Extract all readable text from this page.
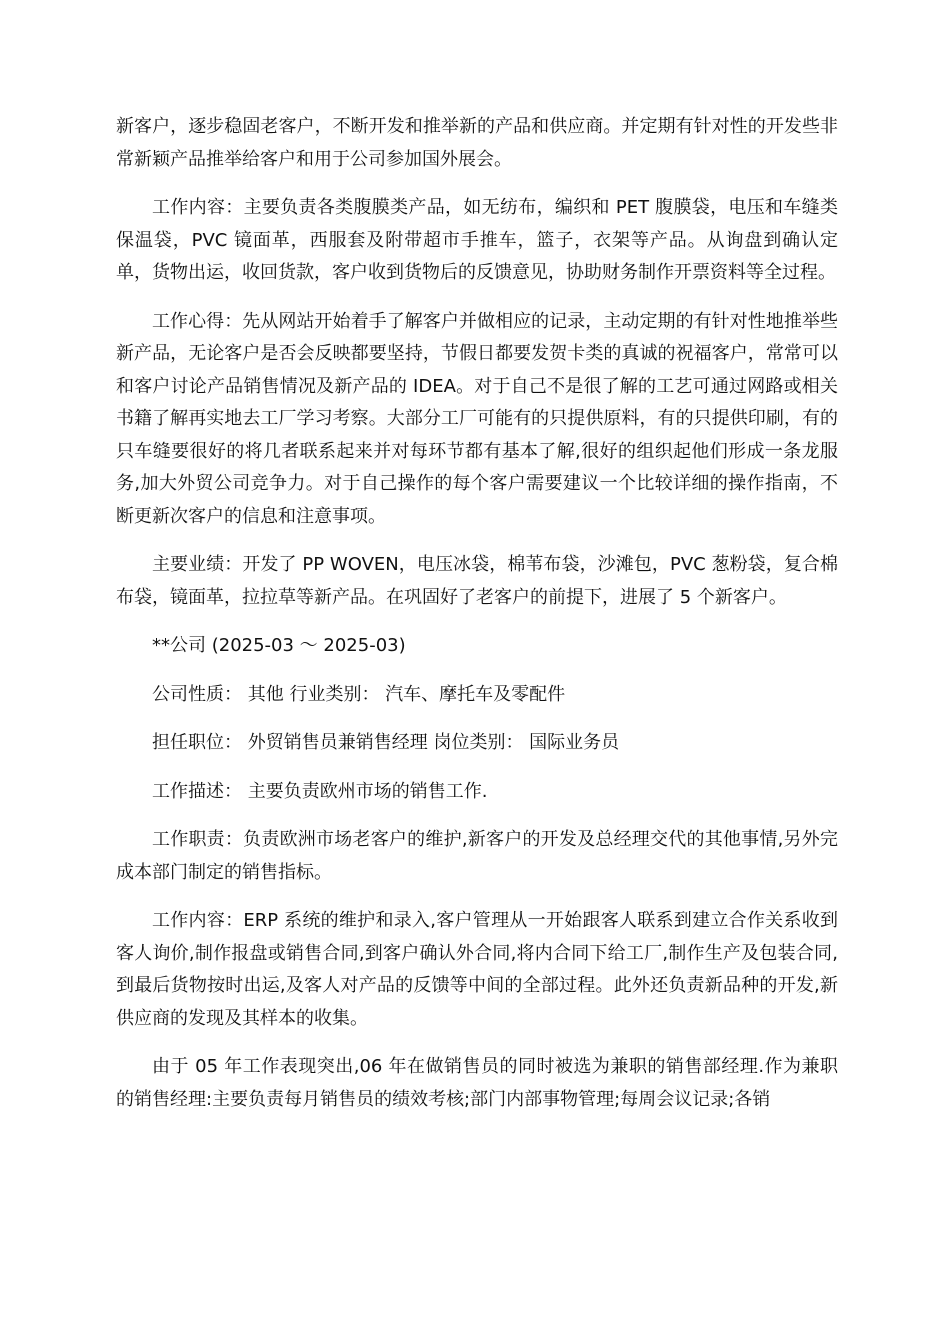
新客户，逐步稳固老客户，不断开发和推举新的产品和供应商。并定期有针对性的开发些非常新颖产品推举给客户和用于公司参加国外展会。

工作内容：主要负责各类腹膜类产品，如无纺布，编织和 PET 腹膜袋，电压和车缝类保温袋，PVC 镜面革，西服套及附带超市手推车，篮子，衣架等产品。从询盘到确认定单，货物出运，收回货款，客户收到货物后的反馈意见，协助财务制作开票资料等全过程。

工作心得：先从网站开始着手了解客户并做相应的记录，主动定期的有针对性地推举些新产品，无论客户是否会反映都要坚持，节假日都要发贺卡类的真诚的祝福客户，常常可以和客户讨论产品销售情况及新产品的 IDEA。对于自己不是很了解的工艺可通过网路或相关书籍了解再实地去工厂学习考察。大部分工厂可能有的只提供原料，有的只提供印刷，有的只车缝要很好的将几者联系起来并对每环节都有基本了解,很好的组织起他们形成一条龙服务,加大外贸公司竞争力。对于自己操作的每个客户需要建议一个比较详细的操作指南，不断更新次客户的信息和注意事项。

主要业绩：开发了 PP WOVEN，电压冰袋，棉苇布袋，沙滩包，PVC 葱粉袋，复合棉布袋，镜面革，拉拉草等新产品。在巩固好了老客户的前提下，进展了 5 个新客户。

**公司 (2025-03 ～ 2025-03)

公司性质： 其他 行业类别： 汽车、摩托车及零配件

担任职位： 外贸销售员兼销售经理 岗位类别： 国际业务员

工作描述： 主要负责欧州市场的销售工作.

工作职责：负责欧洲市场老客户的维护,新客户的开发及总经理交代的其他事情,另外完成本部门制定的销售指标。

工作内容：ERP 系统的维护和录入,客户管理从一开始跟客人联系到建立合作关系收到客人询价,制作报盘或销售合同,到客户确认外合同,将内合同下给工厂,制作生产及包装合同,到最后货物按时出运,及客人对产品的反馈等中间的全部过程。此外还负责新品种的开发,新供应商的发现及其样本的收集。

由于 05 年工作表现突出,06 年在做销售员的同时被选为兼职的销售部经理.作为兼职的销售经理:主要负责每月销售员的绩效考核;部门内部事物管理;每周会议记录;各销
